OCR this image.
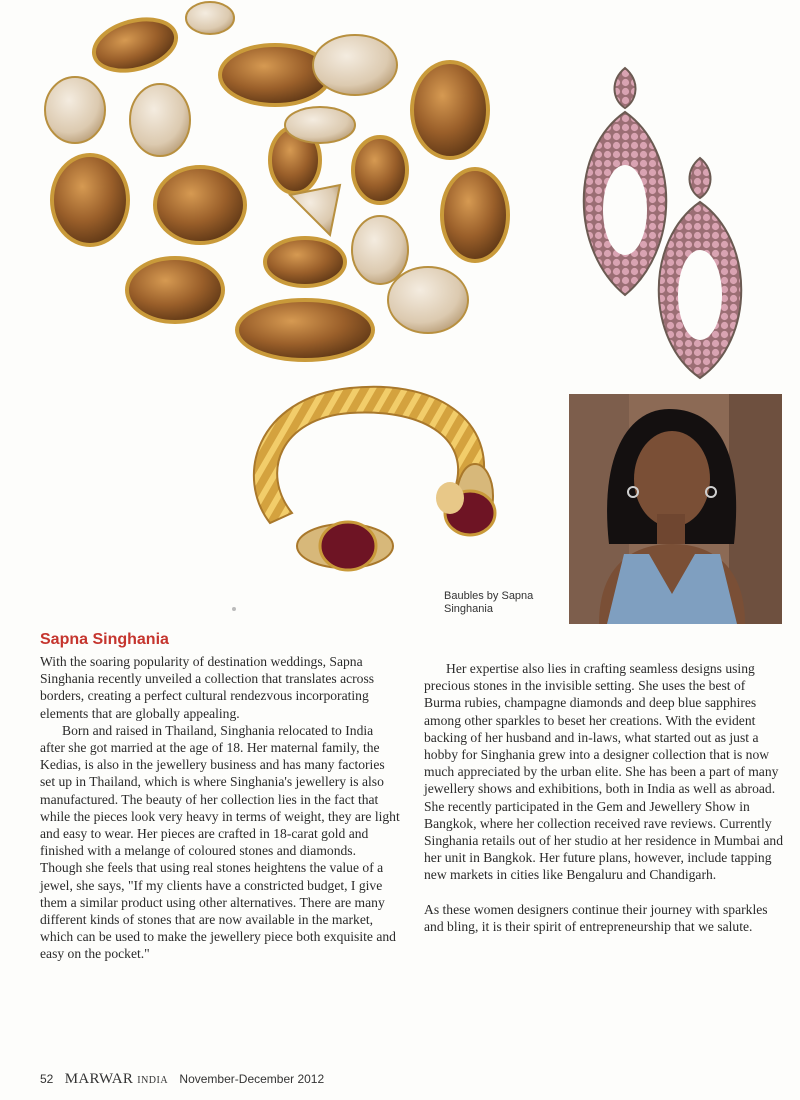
Baubles by Sapna Singhania
Sapna Singhania

With the soaring popularity of destination weddings, Sapna Singhania recently unveiled a collection that translates across borders, creating a perfect cultural rendezvous incorporating elements that are globally appealing.

Born and raised in Thailand, Singhania relocated to India after she got married at the age of 18. Her maternal family, the Kedias, is also in the jewellery business and has many factories set up in Thailand, which is where Singhania's jewellery is also manufactured. The beauty of her collection lies in the fact that while the pieces look very heavy in terms of weight, they are light and easy to wear. Her pieces are crafted in 18-carat gold and finished with a melange of coloured stones and diamonds. Though she feels that using real stones heightens the value of a jewel, she says, "If my clients have a constricted budget, I give them a similar product using other alternatives. There are many different kinds of stones that are now available in the market, which can be used to make the jewellery piece both exquisite and easy on the pocket."

Her expertise also lies in crafting seamless designs using precious stones in the invisible setting. She uses the best of Burma rubies, champagne diamonds and deep blue sapphires among other sparkles to beset her creations. With the evident backing of her husband and in-laws, what started out as just a hobby for Singhania grew into a designer collection that is now much appreciated by the urban elite. She has been a part of many jewellery shows and exhibitions, both in India as well as abroad. She recently participated in the Gem and Jewellery Show in Bangkok, where her collection received rave reviews. Currently Singhania retails out of her studio at her residence in Mumbai and her unit in Bangkok. Her future plans, however, include tapping new markets in cities like Bengaluru and Chandigarh.

As these women designers continue their journey with sparkles and bling, it is their spirit of entrepreneurship that we salute.

52 MARWAR INDIA November-December 2012
